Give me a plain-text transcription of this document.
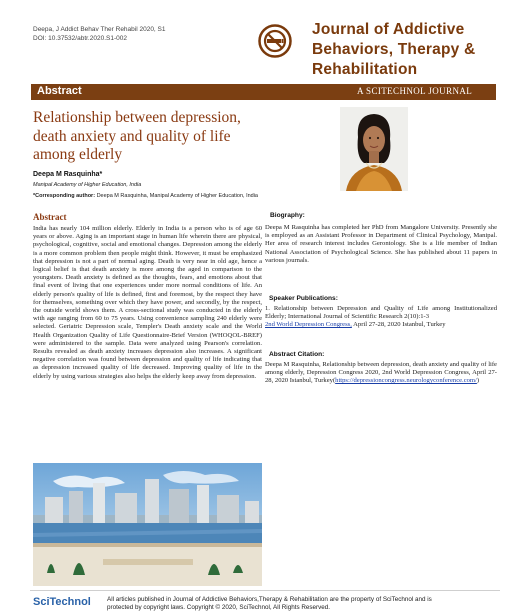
Deepa, J Addict Behav Ther Rehabil 2020, S1
DOI: 10.37532/abtr.2020.S1-002
Journal of Addictive
Behaviors, Therapy &
Rehabilitation
Abstract	A SCITECHNOL JOURNAL
Relationship between depression, death anxiety and quality of life among elderly
Deepa M Rasquinha*
Manipal Academy of Higher Education, India
*Corresponding author: Deepa M Rasquinha, Manipal Academy of Higher Education, India
Abstract
India has nearly 104 million elderly. Elderly in India is a person who is of age 60 years or above. Aging is an important stage in human life wherein there are physical, psychological, cognitive, social and emotional changes. Depression among the elderly is a more common problem then people might think. However, it must be emphasized that depression is not a part of normal aging. Death is very near in old age, hence a logical belief is that death anxiety is more among the aged in comparison to the youngsters. Death anxiety is defined as the thoughts, fears, and emotions about that final event of living that one experiences under more normal conditions of life. An elderly person's quality of life is defined, first and foremost, by the respect they have for themselves, something over which they have power, and secondly, by the respect, the outside world shows them. A cross-sectional study was conducted in the elderly with age ranging from 60 to 75 years. Using convenience sampling 240 elderly were selected. Geriatric Depression scale, Templer's Death anxiety scale and the World Health Organization Quality of Life Questionnaire-Brief Version (WHOQOL-BREF) were administered to the sample. Data were analyzed using Pearson's correlation. Results revealed as death anxiety increases depression also increases. A significant negative correlation was found between depression and quality of life indicating that as depression increased quality of life decreased. Improving quality of life in the elderly by using various strategies also helps the elderly keep away from depression.
Biography:
Deepa M Rasquinha has completed her PhD from Mangalore University. Presently she is employed as an Assistant Professor in Department of Clinical Psychology, Manipal. Her area of research interest includes Gerontology. She is a life member of Indian National Association of Psychological Science. She has published about 11 papers in various journals.
Speaker Publications:
1. Relationship between Depression and Quality of Life among Institutionalized Elderly; International Journal of Scientific Research 2(10):1-3
2nd World Depression Congress, April 27-28, 2020 Istanbul, Turkey
Abstract Citation:
Deepa M Rasquinha, Relationship between depression, death anxiety and quality of life among elderly, Depression Congress 2020, 2nd World Depression Congress, April 27-28, 2020 Istanbul, Turkey(https://depressioncongress.neurologyconference.com/)
SciTechnol	All articles published in Journal of Addictive Behaviors,Therapy & Rehabilitation are the property of SciTechnol and is
protected by copyright laws. Copyright © 2020, SciTechnol, All Rights Reserved.
